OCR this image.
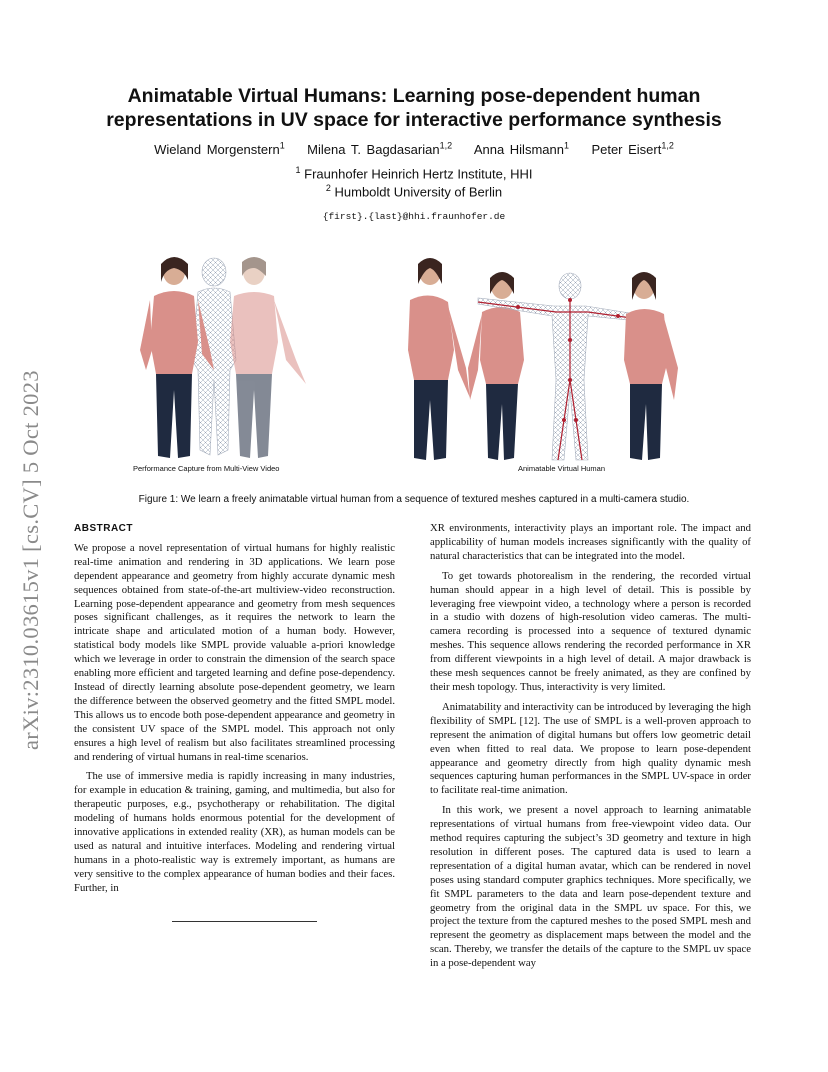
arXiv:2310.03615v1 [cs.CV] 5 Oct 2023
Animatable Virtual Humans: Learning pose-dependent human representations in UV space for interactive performance synthesis
Wieland Morgenstern$^1$ Milena T. Bagdasarian$^{1,2}$ Anna Hilsmann$^1$ Peter Eisert$^{1,2}$
$^1$ Fraunhofer Heinrich Hertz Institute, HHI
$^2$ Humboldt University of Berlin
{first}.{last}@hhi.fraunhofer.de
Performance Capture from Multi-View Video	Animatable Virtual Human
Figure 1: We learn a freely animatable virtual human from a sequence of textured meshes captured in a multi-camera studio.
ABSTRACT

We propose a novel representation of virtual humans for highly realistic real-time animation and rendering in 3D applications. We learn pose dependent appearance and geometry from highly accurate dynamic mesh sequences obtained from state-of-the-art multiview-video reconstruction. Learning pose-dependent appearance and geometry from mesh sequences poses significant challenges, as it requires the network to learn the intricate shape and articulated motion of a human body. However, statistical body models like SMPL provide valuable a-priori knowledge which we leverage in order to constrain the dimension of the search space enabling more efficient and targeted learning and define pose-dependency. Instead of directly learning absolute pose-dependent geometry, we learn the difference between the observed geometry and the fitted SMPL model. This allows us to encode both pose-dependent appearance and geometry in the consistent UV space of the SMPL model. This approach not only ensures a high level of realism but also facilitates streamlined processing and rendering of virtual humans in real-time scenarios.

The use of immersive media is rapidly increasing in many industries, for example in education & training, gaming, and multimedia, but also for therapeutic purposes, e.g., psychotherapy or rehabilitation. The digital modeling of humans holds enormous potential for the development of innovative applications in extended reality (XR), as human models can be used as natural and intuitive interfaces. Modeling and rendering virtual humans in a photo-realistic way is extremely important, as humans are very sensitive to the complex appearance of human bodies and their faces. Further, in

XR environments, interactivity plays an important role. The impact and applicability of human models increases significantly with the quality of natural characteristics that can be integrated into the model.

To get towards photorealism in the rendering, the recorded virtual human should appear in a high level of detail. This is possible by leveraging free viewpoint video, a technology where a person is recorded in a studio with dozens of high-resolution video cameras. The multi-camera recording is processed into a sequence of textured dynamic meshes. This sequence allows rendering the recorded performance in XR from different viewpoints in a high level of detail. A major drawback is these mesh sequences cannot be freely animated, as they are confined by their mesh topology. Thus, interactivity is very limited.

Animatability and interactivity can be introduced by leveraging the high flexibility of SMPL [12]. The use of SMPL is a well-proven approach to represent the animation of digital humans but offers low geometric detail even when fitted to real data. We propose to learn pose-dependent appearance and geometry directly from high quality dynamic mesh sequences capturing human performances in the SMPL UV-space in order to facilitate real-time animation.

In this work, we present a novel approach to learning animatable representations of virtual humans from free-viewpoint video data. Our method requires capturing the subject’s 3D geometry and texture in high resolution in different poses. The captured data is used to learn a representation of a digital human avatar, which can be rendered in novel poses using standard computer graphics techniques. More specifically, we fit SMPL parameters to the data and learn pose-dependent texture and geometry from the original data in the SMPL uv space. For this, we project the texture from the captured meshes to the posed SMPL mesh and represent the geometry as displacement maps between the model and the scan. Thereby, we transfer the details of the capture to the SMPL uv space in a pose-dependent way
